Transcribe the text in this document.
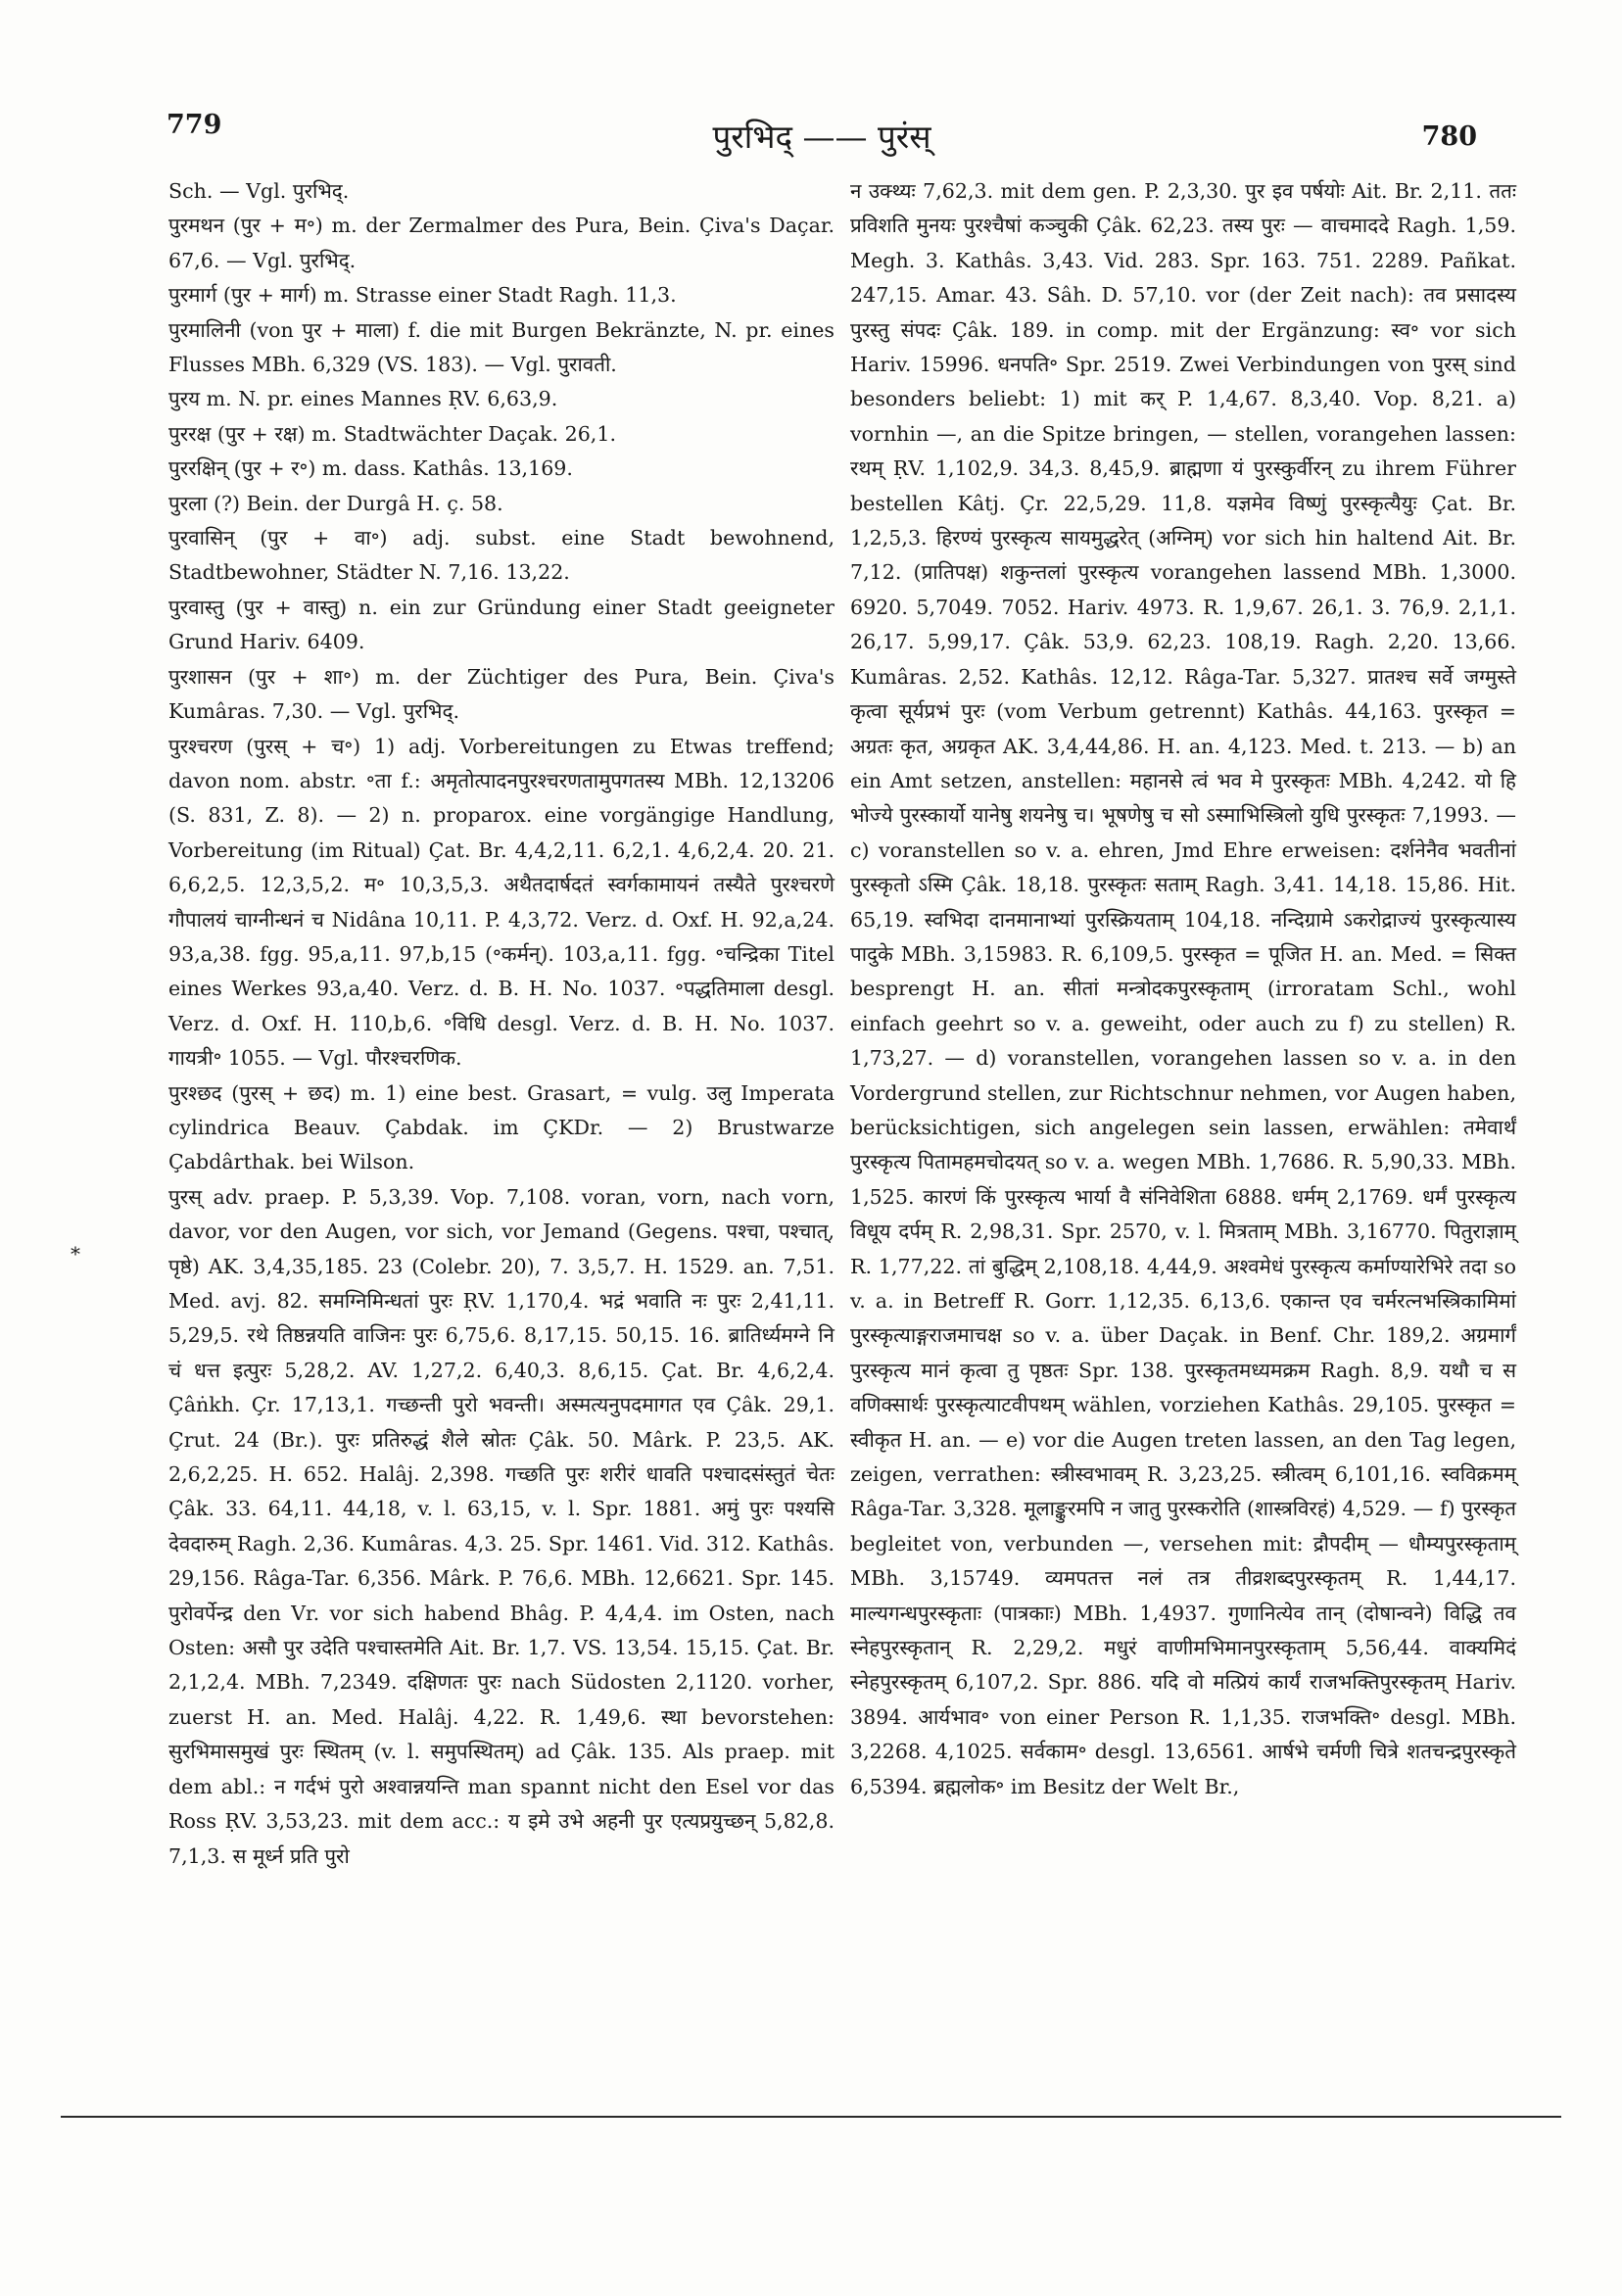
779	पुरभिद् —— पुरंस्	780
*

Sch. — Vgl. पुरभिद्.

पुरमथन (पुर + म॰) m. der Zermalmer des Pura, Bein. Çiva's Daçar. 67,6. — Vgl. पुरभिद्.

पुरमार्ग (पुर + मार्ग) m. Strasse einer Stadt Ragh. 11,3.

पुरमालिनी (von पुर + माला) f. die mit Burgen Bekränzte, N. pr. eines Flusses MBh. 6,329 (VS. 183). — Vgl. पुरावती.

पुरय m. N. pr. eines Mannes ṚV. 6,63,9.

पुररक्ष (पुर + रक्ष) m. Stadtwächter Daçak. 26,1.

पुररक्षिन् (पुर + र॰) m. dass. Kathâs. 13,169.

पुरला (?) Bein. der Durgâ H. ç. 58.

पुरवासिन् (पुर + वा॰) adj. subst. eine Stadt bewohnend, Stadtbewohner, Städter N. 7,16. 13,22.

पुरवास्तु (पुर + वास्तु) n. ein zur Gründung einer Stadt geeigneter Grund Hariv. 6409.

पुरशासन (पुर + शा॰) m. der Züchtiger des Pura, Bein. Çiva's Kumâras. 7,30. — Vgl. पुरभिद्.

पुरश्चरण (पुरस् + च॰) 1) adj. Vorbereitungen zu Etwas treffend; davon nom. abstr. ॰ता f.: अमृतोत्पादनपुरश्चरणतामुपगतस्य MBh. 12,13206 (S. 831, Z. 8). — 2) n. proparox. eine vorgängige Handlung, Vorbereitung (im Ritual) Çat. Br. 4,4,2,11. 6,2,1. 4,6,2,4. 20. 21. 6,6,2,5. 12,3,5,2. म॰ 10,3,5,3. अथैतदार्षदतं स्वर्गकामायनं तस्यैते पुरश्चरणे गौपालयं चाग्नीन्धनं च Nidâna 10,11. P. 4,3,72. Verz. d. Oxf. H. 92,a,24. 93,a,38. fgg. 95,a,11. 97,b,15 (॰कर्मन्). 103,a,11. fgg. ॰चन्द्रिका Titel eines Werkes 93,a,40. Verz. d. B. H. No. 1037. ॰पद्धतिमाला desgl. Verz. d. Oxf. H. 110,b,6. ॰विधि desgl. Verz. d. B. H. No. 1037. गायत्री॰ 1055. — Vgl. पौरश्चरणिक.

पुरश्छद (पुरस् + छद) m. 1) eine best. Grasart, = vulg. उलु Imperata cylindrica Beauv. Çabdak. im ÇKDr. — 2) Brustwarze Çabdârthak. bei Wilson.

पुरस् adv. praep. P. 5,3,39. Vop. 7,108. voran, vorn, nach vorn, davor, vor den Augen, vor sich, vor Jemand (Gegens. पश्चा, पश्चात्, पृष्ठे) AK. 3,4,35,185. 23 (Colebr. 20), 7. 3,5,7. H. 1529. an. 7,51. Med. avj. 82. समग्निमिन्धतां पुरः ṚV. 1,170,4. भद्रं भवाति नः पुरः 2,41,11. 5,29,5. रथे तिष्ठन्नयति वाजिनः पुरः 6,75,6. 8,17,15. 50,15. 16. ब्रातिर्ध्यमग्ने नि चं धत्त इत्पुरः 5,28,2. AV. 1,27,2. 6,40,3. 8,6,15. Çat. Br. 4,6,2,4. Çâṅkh. Çr. 17,13,1. गच्छन्ती पुरो भवन्ती। अस्मत्यनुपदमागत एव Çâk. 29,1. Çrut. 24 (Br.). पुरः प्रतिरुद्धं शैले स्रोतः Çâk. 50. Mârk. P. 23,5. AK. 2,6,2,25. H. 652. Halâj. 2,398. गच्छति पुरः शरीरं धावति पश्चादसंस्तुतं चेतः Çâk. 33. 64,11. 44,18, v. l. 63,15, v. l. Spr. 1881. अमुं पुरः पश्यसि देवदारुम् Ragh. 2,36. Kumâras. 4,3. 25. Spr. 1461. Vid. 312. Kathâs. 29,156. Râga-Tar. 6,356. Mârk. P. 76,6. MBh. 12,6621. Spr. 145. पुरोवर्पेन्द्र den Vr. vor sich habend Bhâg. P. 4,4,4. im Osten, nach Osten: असौ पुर उदेति पश्चास्तमेति Ait. Br. 1,7. VS. 13,54. 15,15. Çat. Br. 2,1,2,4. MBh. 7,2349. दक्षिणतः पुरः nach Südosten 2,1120. vorher, zuerst H. an. Med. Halâj. 4,22. R. 1,49,6. स्था bevorstehen: सुरभिमासमुखं पुरः स्थितम् (v. l. समुपस्थितम्) ad Çâk. 135. Als praep. mit dem abl.: न गर्दभं पुरो अश्वान्नयन्ति man spannt nicht den Esel vor das Ross ṚV. 3,53,23. mit dem acc.: य इमे उभे अहनी पुर एत्यप्रयुच्छन् 5,82,8. 7,1,3. स मूर्ध्न प्रति पुरो

न उक्थ्यः 7,62,3. mit dem gen. P. 2,3,30. पुर इव पर्षयोः Ait. Br. 2,11. ततः प्रविशति मुनयः पुरश्चैषां कञ्चुकी Çâk. 62,23. तस्य पुरः — वाचमाददे Ragh. 1,59. Megh. 3. Kathâs. 3,43. Vid. 283. Spr. 163. 751. 2289. Pañkat. 247,15. Amar. 43. Sâh. D. 57,10. vor (der Zeit nach): तव प्रसादस्य पुरस्तु संपदः Çâk. 189. in comp. mit der Ergänzung: स्व॰ vor sich Hariv. 15996. धनपति॰ Spr. 2519. Zwei Verbindungen von पुरस् sind besonders beliebt: 1) mit कर् P. 1,4,67. 8,3,40. Vop. 8,21. a) vornhin —, an die Spitze bringen, — stellen, vorangehen lassen: रथम् ṚV. 1,102,9. 34,3. 8,45,9. ब्राह्मणा यं पुरस्कुर्वीरन् zu ihrem Führer bestellen Kâtj. Çr. 22,5,29. 11,8. यज्ञमेव विष्णुं पुरस्कृत्यैयुः Çat. Br. 1,2,5,3. हिरण्यं पुरस्कृत्य सायमुद्धरेत् (अग्निम्) vor sich hin haltend Ait. Br. 7,12. (प्रातिपक्ष) शकुन्तलां पुरस्कृत्य vorangehen lassend MBh. 1,3000. 6920. 5,7049. 7052. Hariv. 4973. R. 1,9,67. 26,1. 3. 76,9. 2,1,1. 26,17. 5,99,17. Çâk. 53,9. 62,23. 108,19. Ragh. 2,20. 13,66. Kumâras. 2,52. Kathâs. 12,12. Râga-Tar. 5,327. प्रातश्च सर्वे जग्मुस्ते कृत्वा सूर्यप्रभं पुरः (vom Verbum getrennt) Kathâs. 44,163. पुरस्कृत = अग्रतः कृत, अग्रकृत AK. 3,4,44,86. H. an. 4,123. Med. t. 213. — b) an ein Amt setzen, anstellen: महानसे त्वं भव मे पुरस्कृतः MBh. 4,242. यो हि भोज्ये पुरस्कार्यो यानेषु शयनेषु च। भूषणेषु च सो ऽस्माभिस्त्रिलो युधि पुरस्कृतः 7,1993. — c) voranstellen so v. a. ehren, Jmd Ehre erweisen: दर्शनेनैव भवतीनां पुरस्कृतो ऽस्मि Çâk. 18,18. पुरस्कृतः सताम् Ragh. 3,41. 14,18. 15,86. Hit. 65,19. स्वभिदा दानमानाभ्यां पुरस्क्रियताम् 104,18. नन्दिग्रामे ऽकरोद्राज्यं पुरस्कृत्यास्य पादुके MBh. 3,15983. R. 6,109,5. पुरस्कृत = पूजित H. an. Med. = सिक्त besprengt H. an. सीतां मन्त्रोदकपुरस्कृताम् (irroratam Schl., wohl einfach geehrt so v. a. geweiht, oder auch zu f) zu stellen) R. 1,73,27. — d) voranstellen, vorangehen lassen so v. a. in den Vordergrund stellen, zur Richtschnur nehmen, vor Augen haben, berücksichtigen, sich angelegen sein lassen, erwählen: तमेवार्थं पुरस्कृत्य पितामहमचोदयत् so v. a. wegen MBh. 1,7686. R. 5,90,33. MBh. 1,525. कारणं किं पुरस्कृत्य भार्या वै संनिवेशिता 6888. धर्मम् 2,1769. धर्मं पुरस्कृत्य विधूय दर्पम् R. 2,98,31. Spr. 2570, v. l. मित्रताम् MBh. 3,16770. पितुराज्ञाम् R. 1,77,22. तां बुद्धिम् 2,108,18. 4,44,9. अश्वमेधं पुरस्कृत्य कर्माण्यारेभिरे तदा so v. a. in Betreff R. Gorr. 1,12,35. 6,13,6. एकान्त एव चर्मरत्नभस्त्रिकामिमां पुरस्कृत्याङ्गराजमाचक्ष so v. a. über Daçak. in Benf. Chr. 189,2. अग्रमार्गं पुरस्कृत्य मानं कृत्वा तु पृष्ठतः Spr. 138. पुरस्कृतमध्यमक्रम Ragh. 8,9. यथौ च स वणिक्सार्थः पुरस्कृत्याटवीपथम् wählen, vorziehen Kathâs. 29,105. पुरस्कृत = स्वीकृत H. an. — e) vor die Augen treten lassen, an den Tag legen, zeigen, verrathen: स्त्रीस्वभावम् R. 3,23,25. स्त्रीत्वम् 6,101,16. स्वविक्रमम् Râga-Tar. 3,328. मूलाङ्कुरमपि न जातु पुरस्करोति (शास्त्रविरहं) 4,529. — f) पुरस्कृत begleitet von, verbunden —, versehen mit: द्रौपदीम् — धौम्यपुरस्कृताम् MBh. 3,15749. व्यमपतत्त नलं तत्र तीव्रशब्दपुरस्कृतम् R. 1,44,17. माल्यगन्धपुरस्कृताः (पात्रकाः) MBh. 1,4937. गुणानित्येव तान् (दोषान्वने) विद्धि तव स्नेहपुरस्कृतान् R. 2,29,2. मधुरं वाणीमभिमानपुरस्कृताम् 5,56,44. वाक्यमिदं स्नेहपुरस्कृतम् 6,107,2. Spr. 886. यदि वो मत्प्रियं कार्यं राजभक्तिपुरस्कृतम् Hariv. 3894. आर्यभाव॰ von einer Person R. 1,1,35. राजभक्ति॰ desgl. MBh. 3,2268. 4,1025. सर्वकाम॰ desgl. 13,6561. आर्षभे चर्मणी चित्रे शतचन्द्रपुरस्कृते 6,5394. ब्रह्मलोक॰ im Besitz der Welt Br.,
